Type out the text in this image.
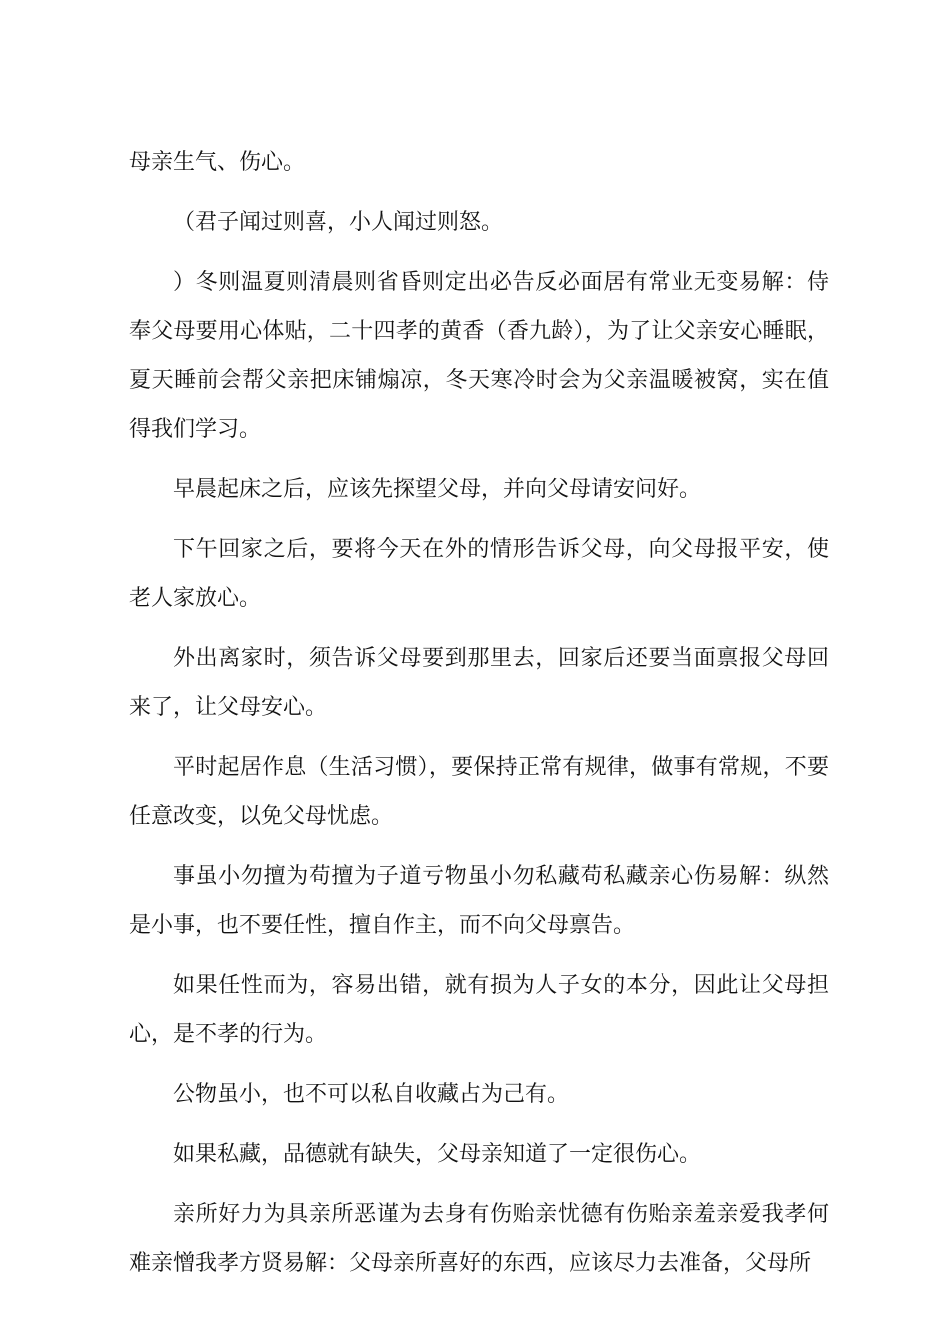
母亲生气、伤心。

（君子闻过则喜，小人闻过则怒。

）冬则温夏则清晨则省昏则定出必告反必面居有常业无变易解：侍奉父母要用心体贴，二十四孝的黄香（香九龄），为了让父亲安心睡眠，夏天睡前会帮父亲把床铺煽凉，冬天寒冷时会为父亲温暖被窝，实在值得我们学习。

早晨起床之后，应该先探望父母，并向父母请安问好。

下午回家之后，要将今天在外的情形告诉父母，向父母报平安，使老人家放心。

外出离家时，须告诉父母要到那里去，回家后还要当面禀报父母回来了，让父母安心。

平时起居作息（生活习惯），要保持正常有规律，做事有常规，不要任意改变，以免父母忧虑。

事虽小勿擅为苟擅为子道亏物虽小勿私藏苟私藏亲心伤易解：纵然是小事，也不要任性，擅自作主，而不向父母禀告。

如果任性而为，容易出错，就有损为人子女的本分，因此让父母担心，是不孝的行为。

公物虽小，也不可以私自收藏占为己有。

如果私藏，品德就有缺失，父母亲知道了一定很伤心。

亲所好力为具亲所恶谨为去身有伤贻亲忧德有伤贻亲羞亲爱我孝何难亲憎我孝方贤易解：父母亲所喜好的东西，应该尽力去准备，父母所
